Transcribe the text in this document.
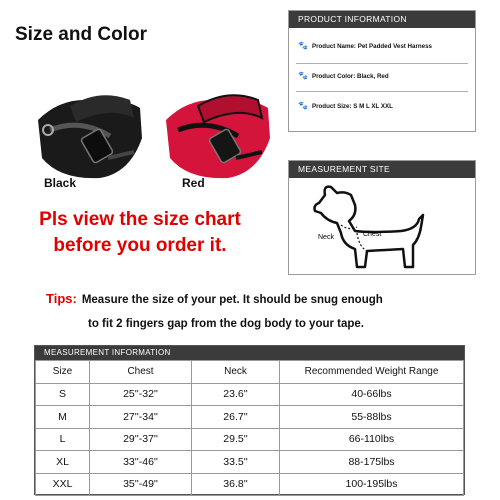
Size and Color
Black	Red
Pls view the size chart
before you order it.
Tips: Measure the size of your pet. It should be snug enough
to fit 2 fingers gap from the dog body to your tape.
PRODUCT INFORMATION
🐾 Product Name: Pet Padded Vest Harness
🐾 Product Color: Black, Red
🐾 Product Size: S M L XL XXL
MEASUREMENT SITE
Neck	Chest
MEASUREMENT INFORMATION
Size	Chest	Neck	Recommended Weight Range
S	25''-32''	23.6''	40-66lbs
M	27''-34''	26.7''	55-88lbs
L	29''-37''	29.5''	66-110lbs
XL	33''-46''	33.5''	88-175lbs
XXL	35''-49''	36.8''	100-195lbs
